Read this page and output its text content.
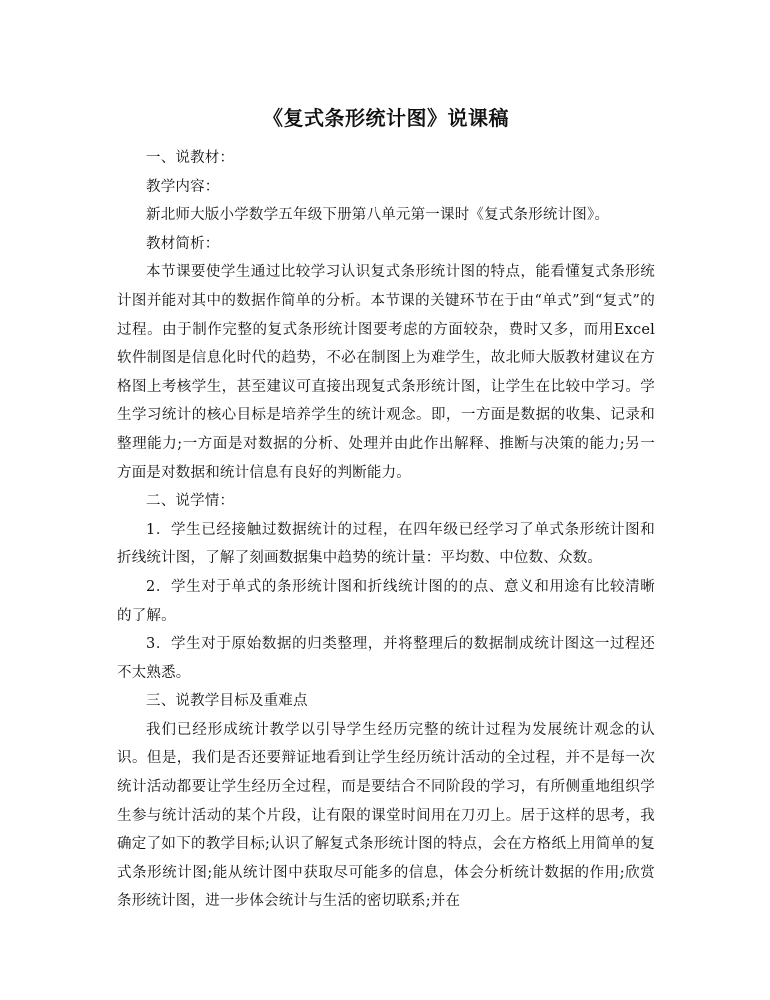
《复式条形统计图》说课稿

一、说教材：

教学内容：

新北师大版小学数学五年级下册第八单元第一课时《复式条形统计图》。

教材简析：

本节课要使学生通过比较学习认识复式条形统计图的特点，能看懂复式条形统计图并能对其中的数据作简单的分析。本节课的关键环节在于由“单式”到“复式”的过程。由于制作完整的复式条形统计图要考虑的方面较杂，费时又多，而用Excel软件制图是信息化时代的趋势，不必在制图上为难学生，故北师大版教材建议在方格图上考核学生，甚至建议可直接出现复式条形统计图，让学生在比较中学习。学生学习统计的核心目标是培养学生的统计观念。即，一方面是数据的收集、记录和整理能力;一方面是对数据的分析、处理并由此作出解释、推断与决策的能力;另一方面是对数据和统计信息有良好的判断能力。

二、说学情：

1．学生已经接触过数据统计的过程，在四年级已经学习了单式条形统计图和折线统计图，了解了刻画数据集中趋势的统计量：平均数、中位数、众数。

2．学生对于单式的条形统计图和折线统计图的的点、意义和用途有比较清晰的了解。

3．学生对于原始数据的归类整理，并将整理后的数据制成统计图这一过程还不太熟悉。

三、说教学目标及重难点

我们已经形成统计教学以引导学生经历完整的统计过程为发展统计观念的认识。但是，我们是否还要辩证地看到让学生经历统计活动的全过程，并不是每一次统计活动都要让学生经历全过程，而是要结合不同阶段的学习，有所侧重地组织学生参与统计活动的某个片段，让有限的课堂时间用在刀刃上。居于这样的思考，我确定了如下的教学目标;认识了解复式条形统计图的特点，会在方格纸上用简单的复式条形统计图;能从统计图中获取尽可能多的信息，体会分析统计数据的作用;欣赏条形统计图，进一步体会统计与生活的密切联系;并在
